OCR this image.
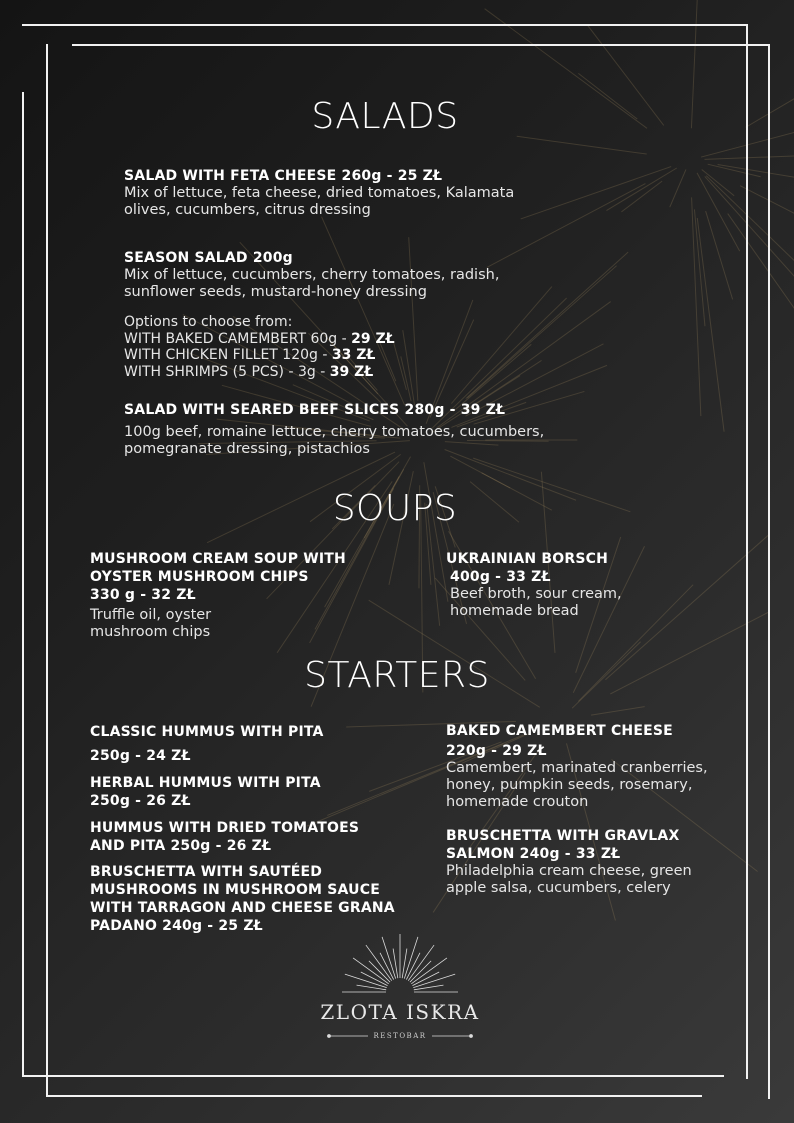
SALADS
SALAD WITH FETA CHEESE 260g - 25 ZŁ
Mix of lettuce, feta cheese, dried tomatoes, Kalamata
olives, cucumbers, citrus dressing
SEASON SALAD 200g
Mix of lettuce, cucumbers, cherry tomatoes, radish,
sunflower seeds, mustard-honey dressing
Options to choose from:
WITH BAKED CAMEMBERT 60g - 29 ZŁ
WITH CHICKEN FILLET 120g - 33 ZŁ
WITH SHRIMPS (5 PCS) - 3g - 39 ZŁ
SALAD WITH SEARED BEEF SLICES 280g - 39 ZŁ
100g beef, romaine lettuce, cherry tomatoes, cucumbers,
pomegranate dressing, pistachios
SOUPS
MUSHROOM CREAM SOUP WITH
OYSTER MUSHROOM CHIPS
330 g - 32 ZŁ
Truffle oil, oyster
mushroom chips
UKRAINIAN BORSCH
400g - 33 ZŁ
Beef broth, sour cream,
homemade bread
STARTERS
CLASSIC HUMMUS WITH PITA
250g - 24 ZŁ
HERBAL HUMMUS WITH PITA
250g - 26 ZŁ
HUMMUS WITH DRIED TOMATOES
AND PITA 250g - 26 ZŁ
BRUSCHETTA WITH SAUTÉED
MUSHROOMS IN MUSHROOM SAUCE
WITH TARRAGON AND CHEESE GRANA
PADANO 240g - 25 ZŁ
BAKED CAMEMBERT CHEESE
220g - 29 ZŁ
Camembert, marinated cranberries,
honey, pumpkin seeds, rosemary,
homemade crouton
BRUSCHETTA WITH GRAVLAX
SALMON 240g - 33 ZŁ
Philadelphia cream cheese, green
apple salsa, cucumbers, celery
ZLOTA ISKRA
RESTOBAR
